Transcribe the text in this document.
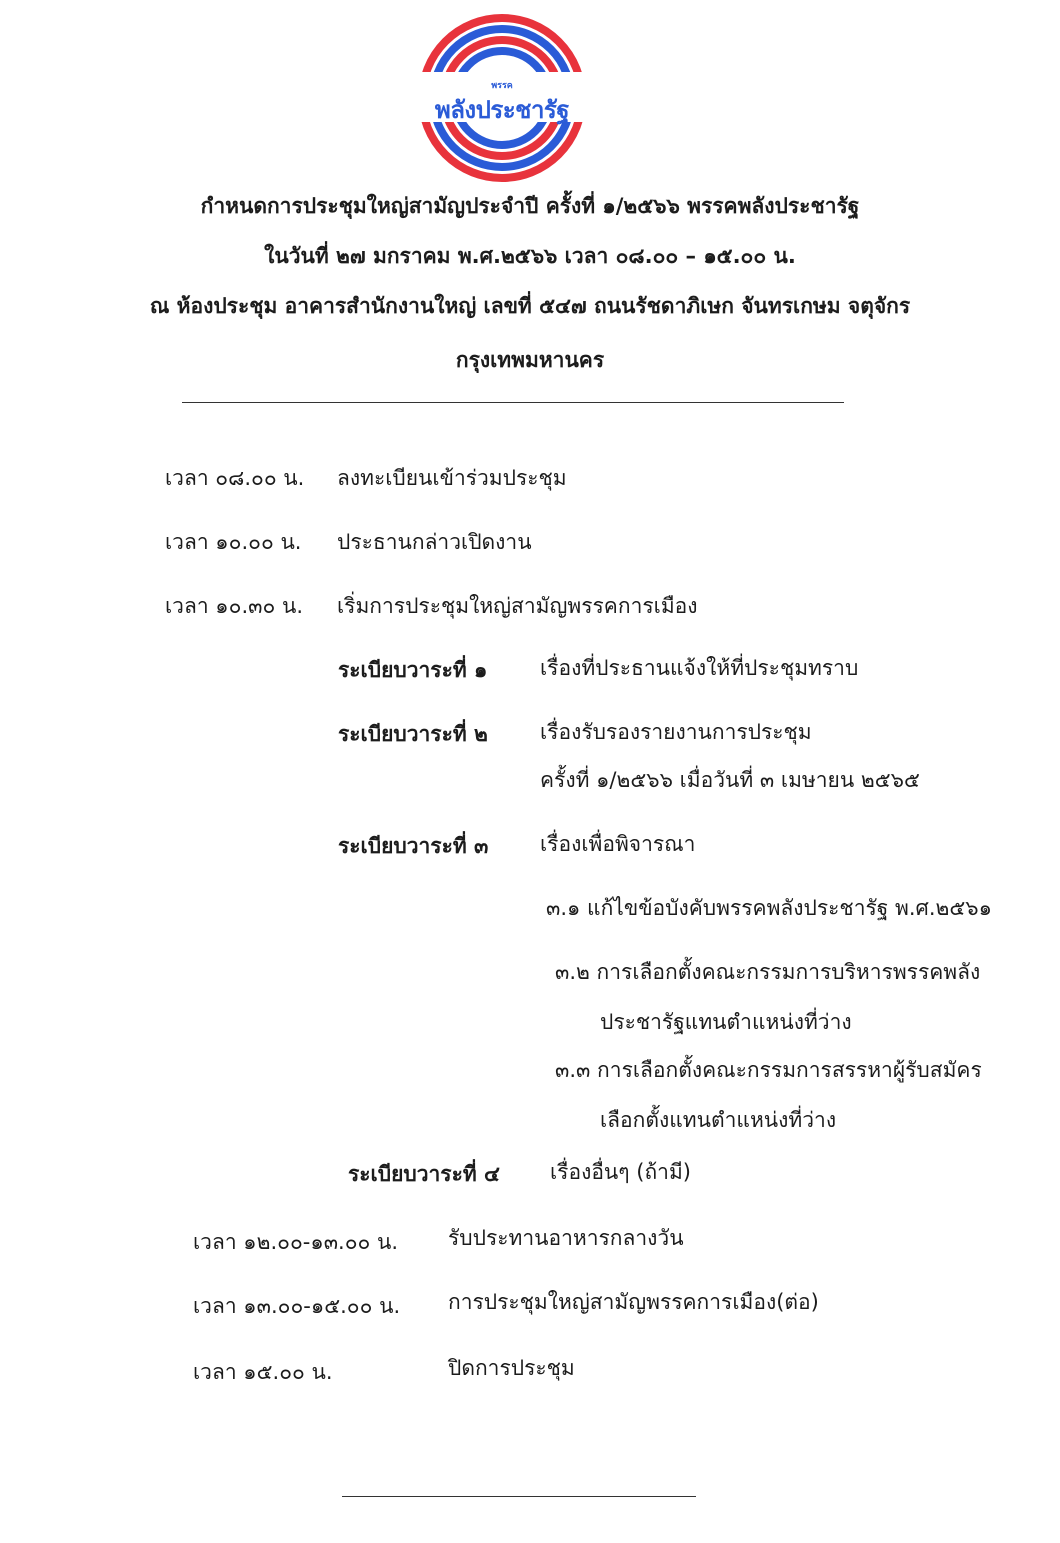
พรรค
พลังประชารัฐ
กำหนดการประชุมใหญ่สามัญประจำปี ครั้งที่ ๑/๒๕๖๖ พรรคพลังประชารัฐ
ในวันที่ ๒๗ มกราคม พ.ศ.๒๕๖๖ เวลา ๐๘.๐๐ – ๑๕.๐๐ น.
ณ ห้องประชุม อาคารสำนักงานใหญ่ เลขที่ ๕๔๗ ถนนรัชดาภิเษก จันทรเกษม จตุจักร
กรุงเทพมหานคร
เวลา ๐๘.๐๐ น. ลงทะเบียนเข้าร่วมประชุม
เวลา ๑๐.๐๐ น. ประธานกล่าวเปิดงาน
เวลา ๑๐.๓๐ น. เริ่มการประชุมใหญ่สามัญพรรคการเมือง
ระเบียบวาระที่ ๑	เรื่องที่ประธานแจ้งให้ที่ประชุมทราบ
ระเบียบวาระที่ ๒ เรื่องรับรองรายงานการประชุม
ครั้งที่ ๑/๒๕๖๖ เมื่อวันที่ ๓ เมษายน ๒๕๖๕
ระเบียบวาระที่ ๓ เรื่องเพื่อพิจารณา
๓.๑ แก้ไขข้อบังคับพรรคพลังประชารัฐ พ.ศ.๒๕๖๑
๓.๒ การเลือกตั้งคณะกรรมการบริหารพรรคพลัง
ประชารัฐแทนตำแหน่งที่ว่าง
๓.๓ การเลือกตั้งคณะกรรมการสรรหาผู้รับสมัคร
เลือกตั้งแทนตำแหน่งที่ว่าง
ระเบียบวาระที่ ๔ เรื่องอื่นๆ (ถ้ามี)
เวลา ๑๒.๐๐-๑๓.๐๐ น. รับประทานอาหารกลางวัน
เวลา ๑๓.๐๐-๑๕.๐๐ น. การประชุมใหญ่สามัญพรรคการเมือง(ต่อ)
เวลา ๑๕.๐๐ น.	ปิดการประชุม
